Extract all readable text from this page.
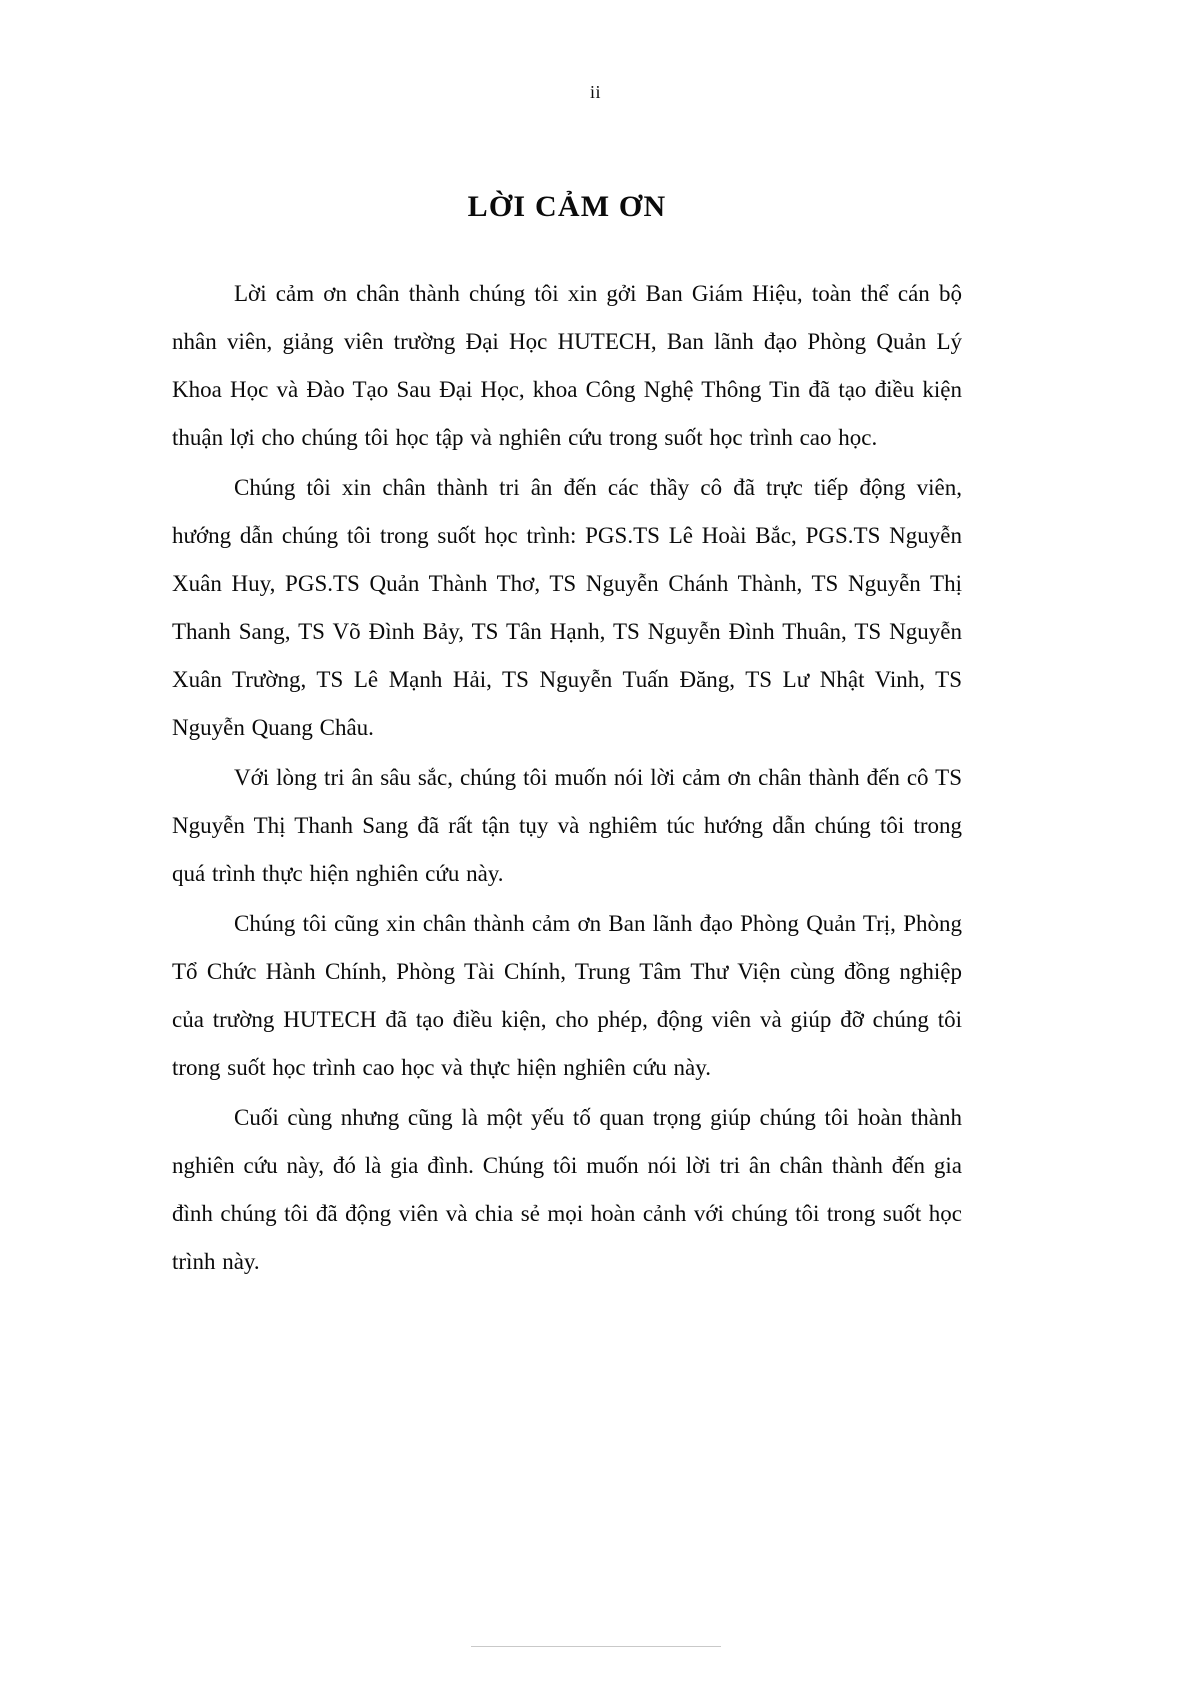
ii
LỜI CẢM ƠN

Lời cảm ơn chân thành chúng tôi xin gởi Ban Giám Hiệu, toàn thể cán bộ nhân viên, giảng viên trường Đại Học HUTECH, Ban lãnh đạo Phòng Quản Lý Khoa Học và Đào Tạo Sau Đại Học, khoa Công Nghệ Thông Tin đã tạo điều kiện thuận lợi cho chúng tôi học tập và nghiên cứu trong suốt học trình cao học.

Chúng tôi xin chân thành tri ân đến các thầy cô đã trực tiếp động viên, hướng dẫn chúng tôi trong suốt học trình: PGS.TS Lê Hoài Bắc, PGS.TS Nguyễn Xuân Huy, PGS.TS Quản Thành Thơ, TS Nguyễn Chánh Thành, TS Nguyễn Thị Thanh Sang, TS Võ Đình Bảy, TS Tân Hạnh, TS Nguyễn Đình Thuân, TS Nguyễn Xuân Trường, TS Lê Mạnh Hải, TS Nguyễn Tuấn Đăng, TS Lư Nhật Vinh, TS Nguyễn Quang Châu.

Với lòng tri ân sâu sắc, chúng tôi muốn nói lời cảm ơn chân thành đến cô TS Nguyễn Thị Thanh Sang đã rất tận tụy và nghiêm túc hướng dẫn chúng tôi trong quá trình thực hiện nghiên cứu này.

Chúng tôi cũng xin chân thành cảm ơn Ban lãnh đạo Phòng Quản Trị, Phòng Tổ Chức Hành Chính, Phòng Tài Chính, Trung Tâm Thư Viện cùng đồng nghiệp của trường HUTECH đã tạo điều kiện, cho phép, động viên và giúp đỡ chúng tôi trong suốt học trình cao học và thực hiện nghiên cứu này.

Cuối cùng nhưng cũng là một yếu tố quan trọng giúp chúng tôi hoàn thành nghiên cứu này, đó là gia đình. Chúng tôi muốn nói lời tri ân chân thành đến gia đình chúng tôi đã động viên và chia sẻ mọi hoàn cảnh với chúng tôi trong suốt học trình này.
